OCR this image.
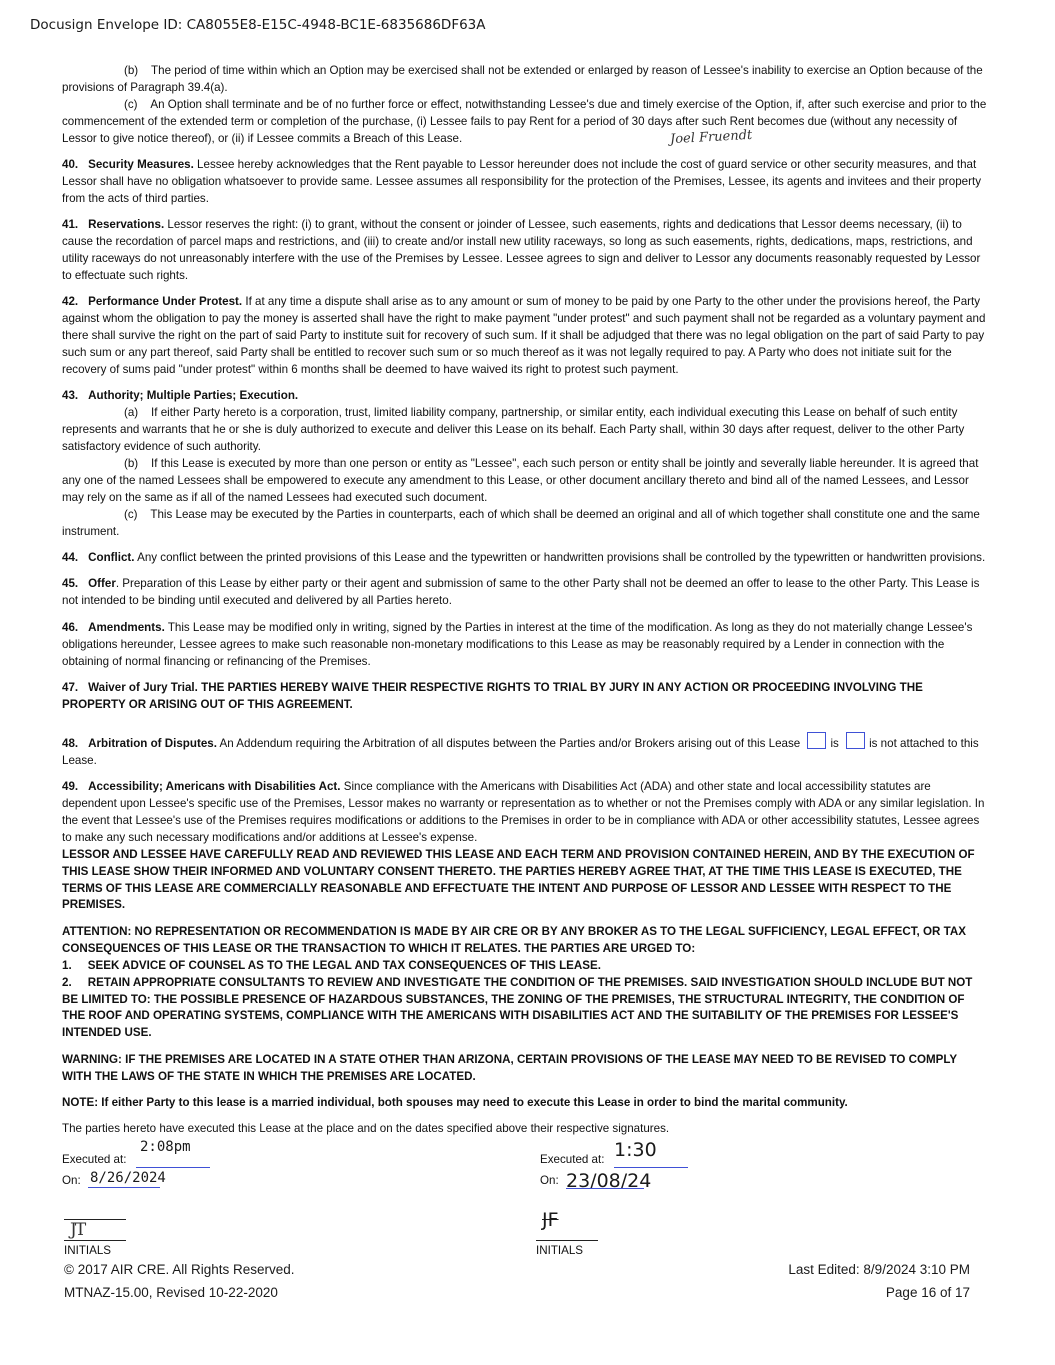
Docusign Envelope ID: CA8055E8-E15C-4948-BC1E-6835686DF63A
(b)    The period of time within which an Option may be exercised shall not be extended or enlarged by reason of Lessee's inability to exercise an Option because of the provisions of Paragraph 39.4(a).
(c)    An Option shall terminate and be of no further force or effect, notwithstanding Lessee's due and timely exercise of the Option, if, after such exercise and prior to the commencement of the extended term or completion of the purchase, (i) Lessee fails to pay Rent for a period of 30 days after such Rent becomes due (without any necessity of Lessor to give notice thereof), or (ii) if Lessee commits a Breach of this Lease.
40. Security Measures. Lessee hereby acknowledges that the Rent payable to Lessor hereunder does not include the cost of guard service or other security measures, and that Lessor shall have no obligation whatsoever to provide same. Lessee assumes all responsibility for the protection of the Premises, Lessee, its agents and invitees and their property from the acts of third parties.
41. Reservations. Lessor reserves the right: (i) to grant, without the consent or joinder of Lessee, such easements, rights and dedications that Lessor deems necessary, (ii) to cause the recordation of parcel maps and restrictions, and (iii) to create and/or install new utility raceways, so long as such easements, rights, dedications, maps, restrictions, and utility raceways do not unreasonably interfere with the use of the Premises by Lessee. Lessee agrees to sign and deliver to Lessor any documents reasonably requested by Lessor to effectuate such rights.
42. Performance Under Protest. If at any time a dispute shall arise as to any amount or sum of money to be paid by one Party to the other under the provisions hereof, the Party against whom the obligation to pay the money is asserted shall have the right to make payment "under protest" and such payment shall not be regarded as a voluntary payment and there shall survive the right on the part of said Party to institute suit for recovery of such sum. If it shall be adjudged that there was no legal obligation on the part of said Party to pay such sum or any part thereof, said Party shall be entitled to recover such sum or so much thereof as it was not legally required to pay. A Party who does not initiate suit for the recovery of sums paid "under protest" within 6 months shall be deemed to have waived its right to protest such payment.
43. Authority; Multiple Parties; Execution.
(a)    If either Party hereto is a corporation, trust, limited liability company, partnership, or similar entity, each individual executing this Lease on behalf of such entity represents and warrants that he or she is duly authorized to execute and deliver this Lease on its behalf. Each Party shall, within 30 days after request, deliver to the other Party satisfactory evidence of such authority.
(b)    If this Lease is executed by more than one person or entity as "Lessee", each such person or entity shall be jointly and severally liable hereunder. It is agreed that any one of the named Lessees shall be empowered to execute any amendment to this Lease, or other document ancillary thereto and bind all of the named Lessees, and Lessor may rely on the same as if all of the named Lessees had executed such document.
(c)    This Lease may be executed by the Parties in counterparts, each of which shall be deemed an original and all of which together shall constitute one and the same instrument.
44. Conflict. Any conflict between the printed provisions of this Lease and the typewritten or handwritten provisions shall be controlled by the typewritten or handwritten provisions.
45. Offer. Preparation of this Lease by either party or their agent and submission of same to the other Party shall not be deemed an offer to lease to the other Party. This Lease is not intended to be binding until executed and delivered by all Parties hereto.
46. Amendments. This Lease may be modified only in writing, signed by the Parties in interest at the time of the modification. As long as they do not materially change Lessee's obligations hereunder, Lessee agrees to make such reasonable non-monetary modifications to this Lease as may be reasonably required by a Lender in connection with the obtaining of normal financing or refinancing of the Premises.
47. Waiver of Jury Trial. THE PARTIES HEREBY WAIVE THEIR RESPECTIVE RIGHTS TO TRIAL BY JURY IN ANY ACTION OR PROCEEDING INVOLVING THE PROPERTY OR ARISING OUT OF THIS AGREEMENT.
48. Arbitration of Disputes. An Addendum requiring the Arbitration of all disputes between the Parties and/or Brokers arising out of this Lease	is	is not attached to this Lease.
49. Accessibility; Americans with Disabilities Act. Since compliance with the Americans with Disabilities Act (ADA) and other state and local accessibility statutes are dependent upon Lessee's specific use of the Premises, Lessor makes no warranty or representation as to whether or not the Premises comply with ADA or any similar legislation. In the event that Lessee's use of the Premises requires modifications or additions to the Premises in order to be in compliance with ADA or other accessibility statutes, Lessee agrees to make any such necessary modifications and/or additions at Lessee's expense.
LESSOR AND LESSEE HAVE CAREFULLY READ AND REVIEWED THIS LEASE AND EACH TERM AND PROVISION CONTAINED HEREIN, AND BY THE EXECUTION OF THIS LEASE SHOW THEIR INFORMED AND VOLUNTARY CONSENT THERETO. THE PARTIES HEREBY AGREE THAT, AT THE TIME THIS LEASE IS EXECUTED, THE TERMS OF THIS LEASE ARE COMMERCIALLY REASONABLE AND EFFECTUATE THE INTENT AND PURPOSE OF LESSOR AND LESSEE WITH RESPECT TO THE PREMISES.
ATTENTION: NO REPRESENTATION OR RECOMMENDATION IS MADE BY AIR CRE OR BY ANY BROKER AS TO THE LEGAL SUFFICIENCY, LEGAL EFFECT, OR TAX CONSEQUENCES OF THIS LEASE OR THE TRANSACTION TO WHICH IT RELATES. THE PARTIES ARE URGED TO:
1.     SEEK ADVICE OF COUNSEL AS TO THE LEGAL AND TAX CONSEQUENCES OF THIS LEASE.
2.     RETAIN APPROPRIATE CONSULTANTS TO REVIEW AND INVESTIGATE THE CONDITION OF THE PREMISES. SAID INVESTIGATION SHOULD INCLUDE BUT NOT BE LIMITED TO: THE POSSIBLE PRESENCE OF HAZARDOUS SUBSTANCES, THE ZONING OF THE PREMISES, THE STRUCTURAL INTEGRITY, THE CONDITION OF THE ROOF AND OPERATING SYSTEMS, COMPLIANCE WITH THE AMERICANS WITH DISABILITIES ACT AND THE SUITABILITY OF THE PREMISES FOR LESSEE'S INTENDED USE.
WARNING: IF THE PREMISES ARE LOCATED IN A STATE OTHER THAN ARIZONA, CERTAIN PROVISIONS OF THE LEASE MAY NEED TO BE REVISED TO COMPLY WITH THE LAWS OF THE STATE IN WHICH THE PREMISES ARE LOCATED.
NOTE: If either Party to this lease is a married individual, both spouses may need to execute this Lease in order to bind the marital community.
The parties hereto have executed this Lease at the place and on the dates specified above their respective signatures.
Joel Fruendt
Executed at:
2:08pm
On: 8/26/2024
JT
INITIALS
Executed at: 1:30
On: 23/08/24
JF
INITIALS
© 2017 AIR CRE. All Rights Reserved.
MTNAZ-15.00, Revised 10-22-2020
Last Edited: 8/9/2024 3:10 PM
Page 16 of 17
